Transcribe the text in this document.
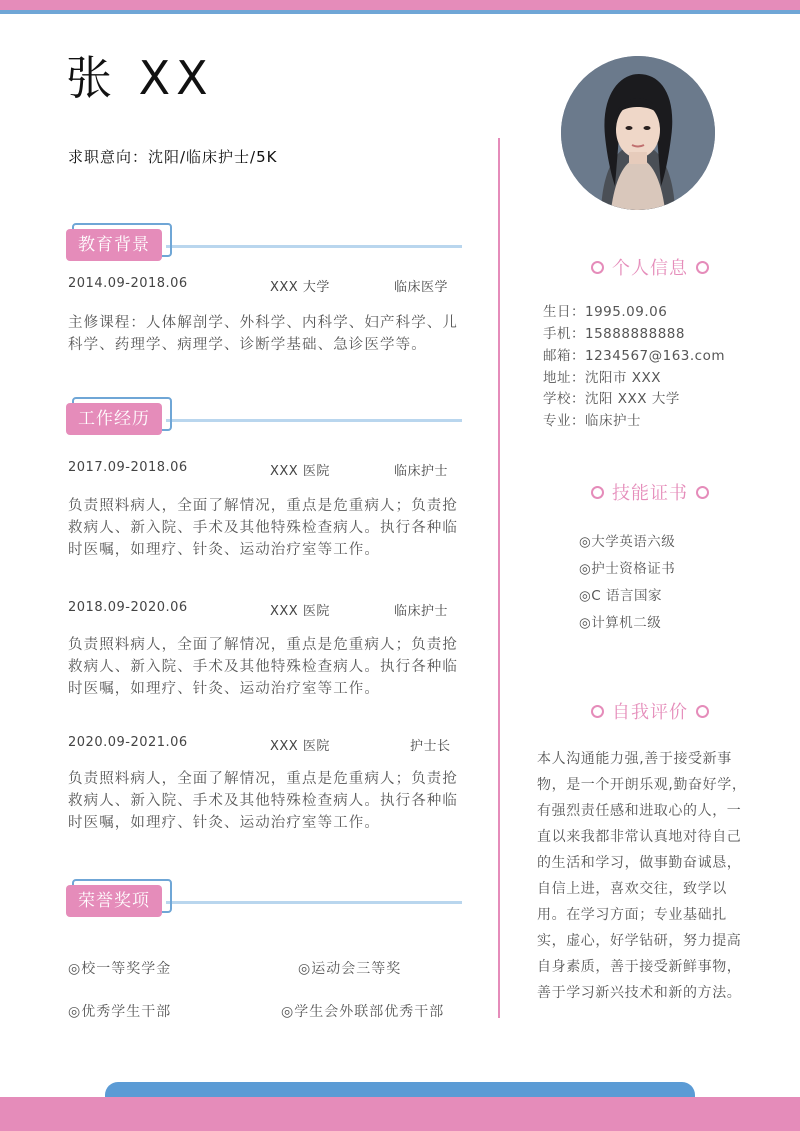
张 XX
求职意向：沈阳/临床护士/5K
教育背景
2014.09-2018.06	XXX 大学	临床医学
主修课程：人体解剖学、外科学、内科学、妇产科学、儿科学、药理学、病理学、诊断学基础、急诊医学等。
工作经历
2017.09-2018.06	XXX 医院	临床护士
负责照料病人，全面了解情况，重点是危重病人；负责抢救病人、新入院、手术及其他特殊检查病人。执行各种临时医嘱，如理疗、针灸、运动治疗室等工作。
2018.09-2020.06	XXX 医院	临床护士
负责照料病人，全面了解情况，重点是危重病人；负责抢救病人、新入院、手术及其他特殊检查病人。执行各种临时医嘱，如理疗、针灸、运动治疗室等工作。
2020.09-2021.06	XXX 医院	护士长
负责照料病人，全面了解情况，重点是危重病人；负责抢救病人、新入院、手术及其他特殊检查病人。执行各种临时医嘱，如理疗、针灸、运动治疗室等工作。
荣誉奖项
◎校一等奖学金	◎运动会三等奖
◎优秀学生干部	◎学生会外联部优秀干部
个人信息
生日：1995.09.06
手机：15888888888
邮箱：1234567@163.com
地址：沈阳市 XXX
学校：沈阳 XXX 大学
专业：临床护士
技能证书
◎大学英语六级
◎护士资格证书
◎C 语言国家
◎计算机二级
自我评价
本人沟通能力强,善于接受新事物，是一个开朗乐观,勤奋好学，有强烈责任感和进取心的人，一直以来我都非常认真地对待自己的生活和学习，做事勤奋诚恳，自信上进，喜欢交往，致学以用。在学习方面；专业基础扎实，虚心，好学钻研，努力提高自身素质，善于接受新鲜事物，善于学习新兴技术和新的方法。
